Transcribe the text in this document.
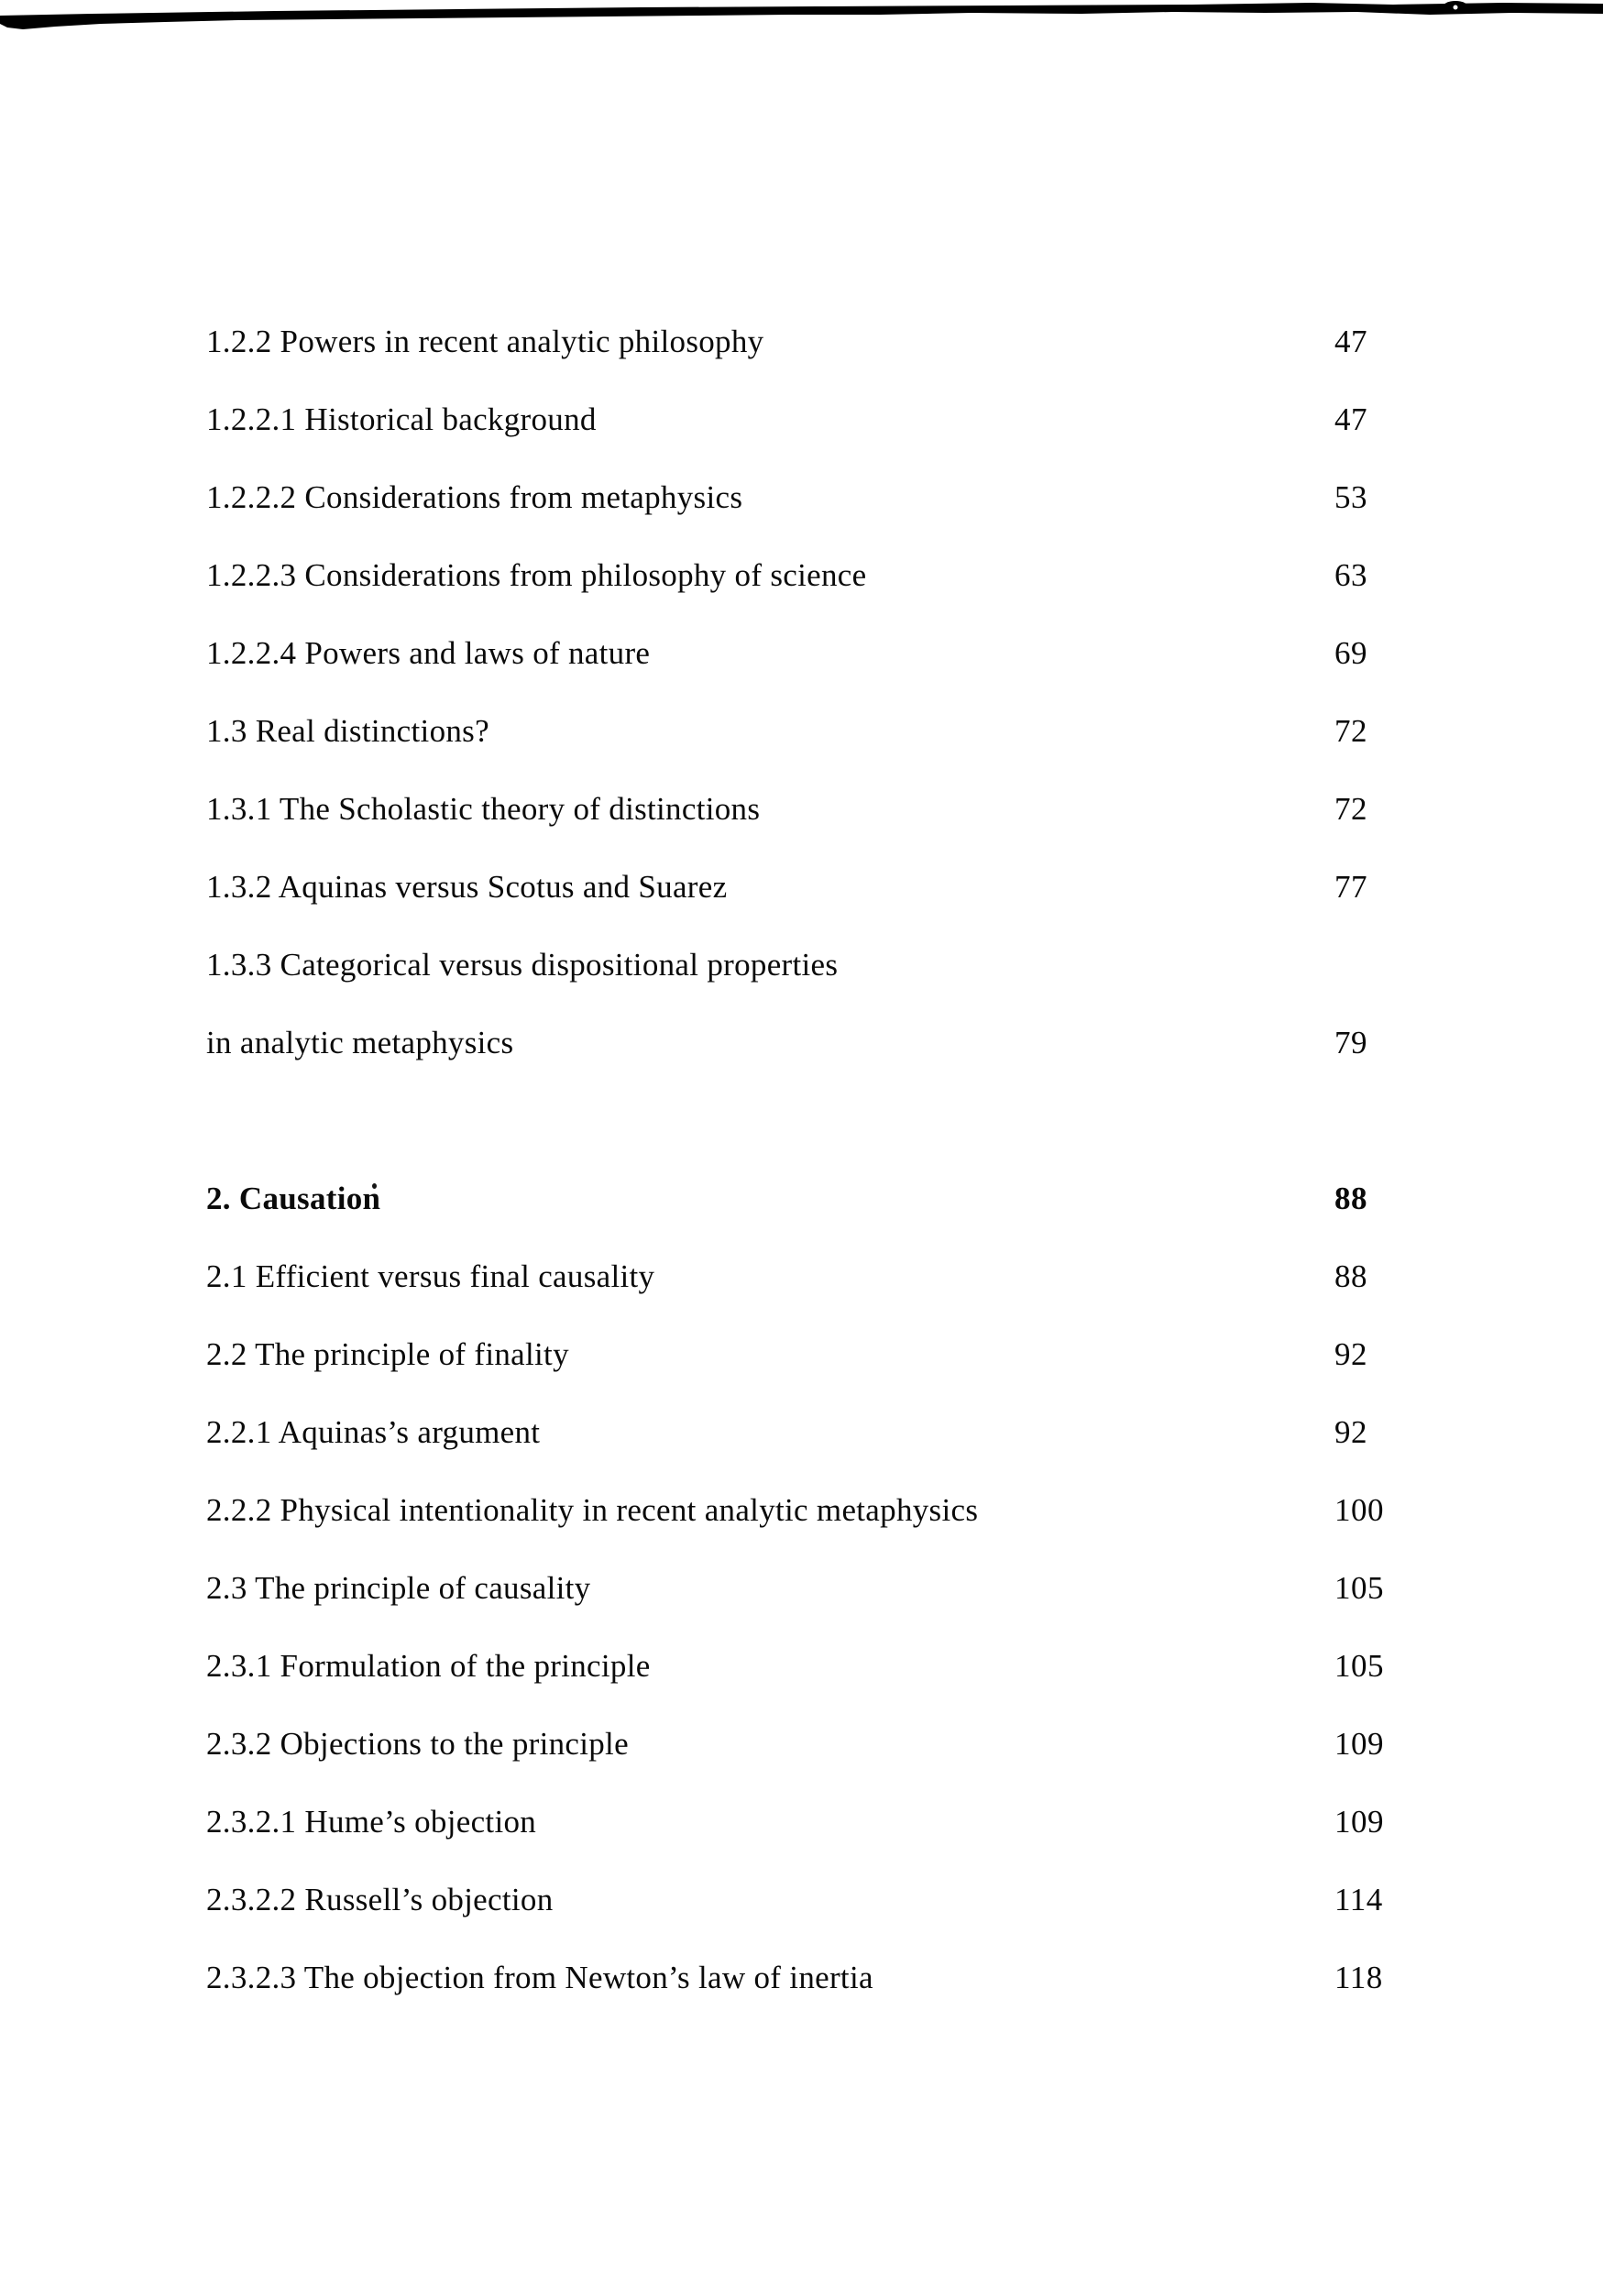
1.2.2 Powers in recent analytic philosophy	47
1.2.2.1 Historical background	47
1.2.2.2 Considerations from metaphysics	53
1.2.2.3 Considerations from philosophy of science	63
1.2.2.4 Powers and laws of nature	69
1.3 Real distinctions?	72
1.3.1 The Scholastic theory of distinctions	72
1.3.2 Aquinas versus Scotus and Suarez	77
1.3.3 Categorical versus dispositional properties
in analytic metaphysics	79
2. Causation	88
2.1 Efficient versus final causality	88
2.2 The principle of finality	92
2.2.1 Aquinas’s argument	92
2.2.2 Physical intentionality in recent analytic metaphysics	100
2.3 The principle of causality	105
2.3.1 Formulation of the principle	105
2.3.2 Objections to the principle	109
2.3.2.1 Hume’s objection	109
2.3.2.2 Russell’s objection	114
2.3.2.3 The objection from Newton’s law of inertia	118
